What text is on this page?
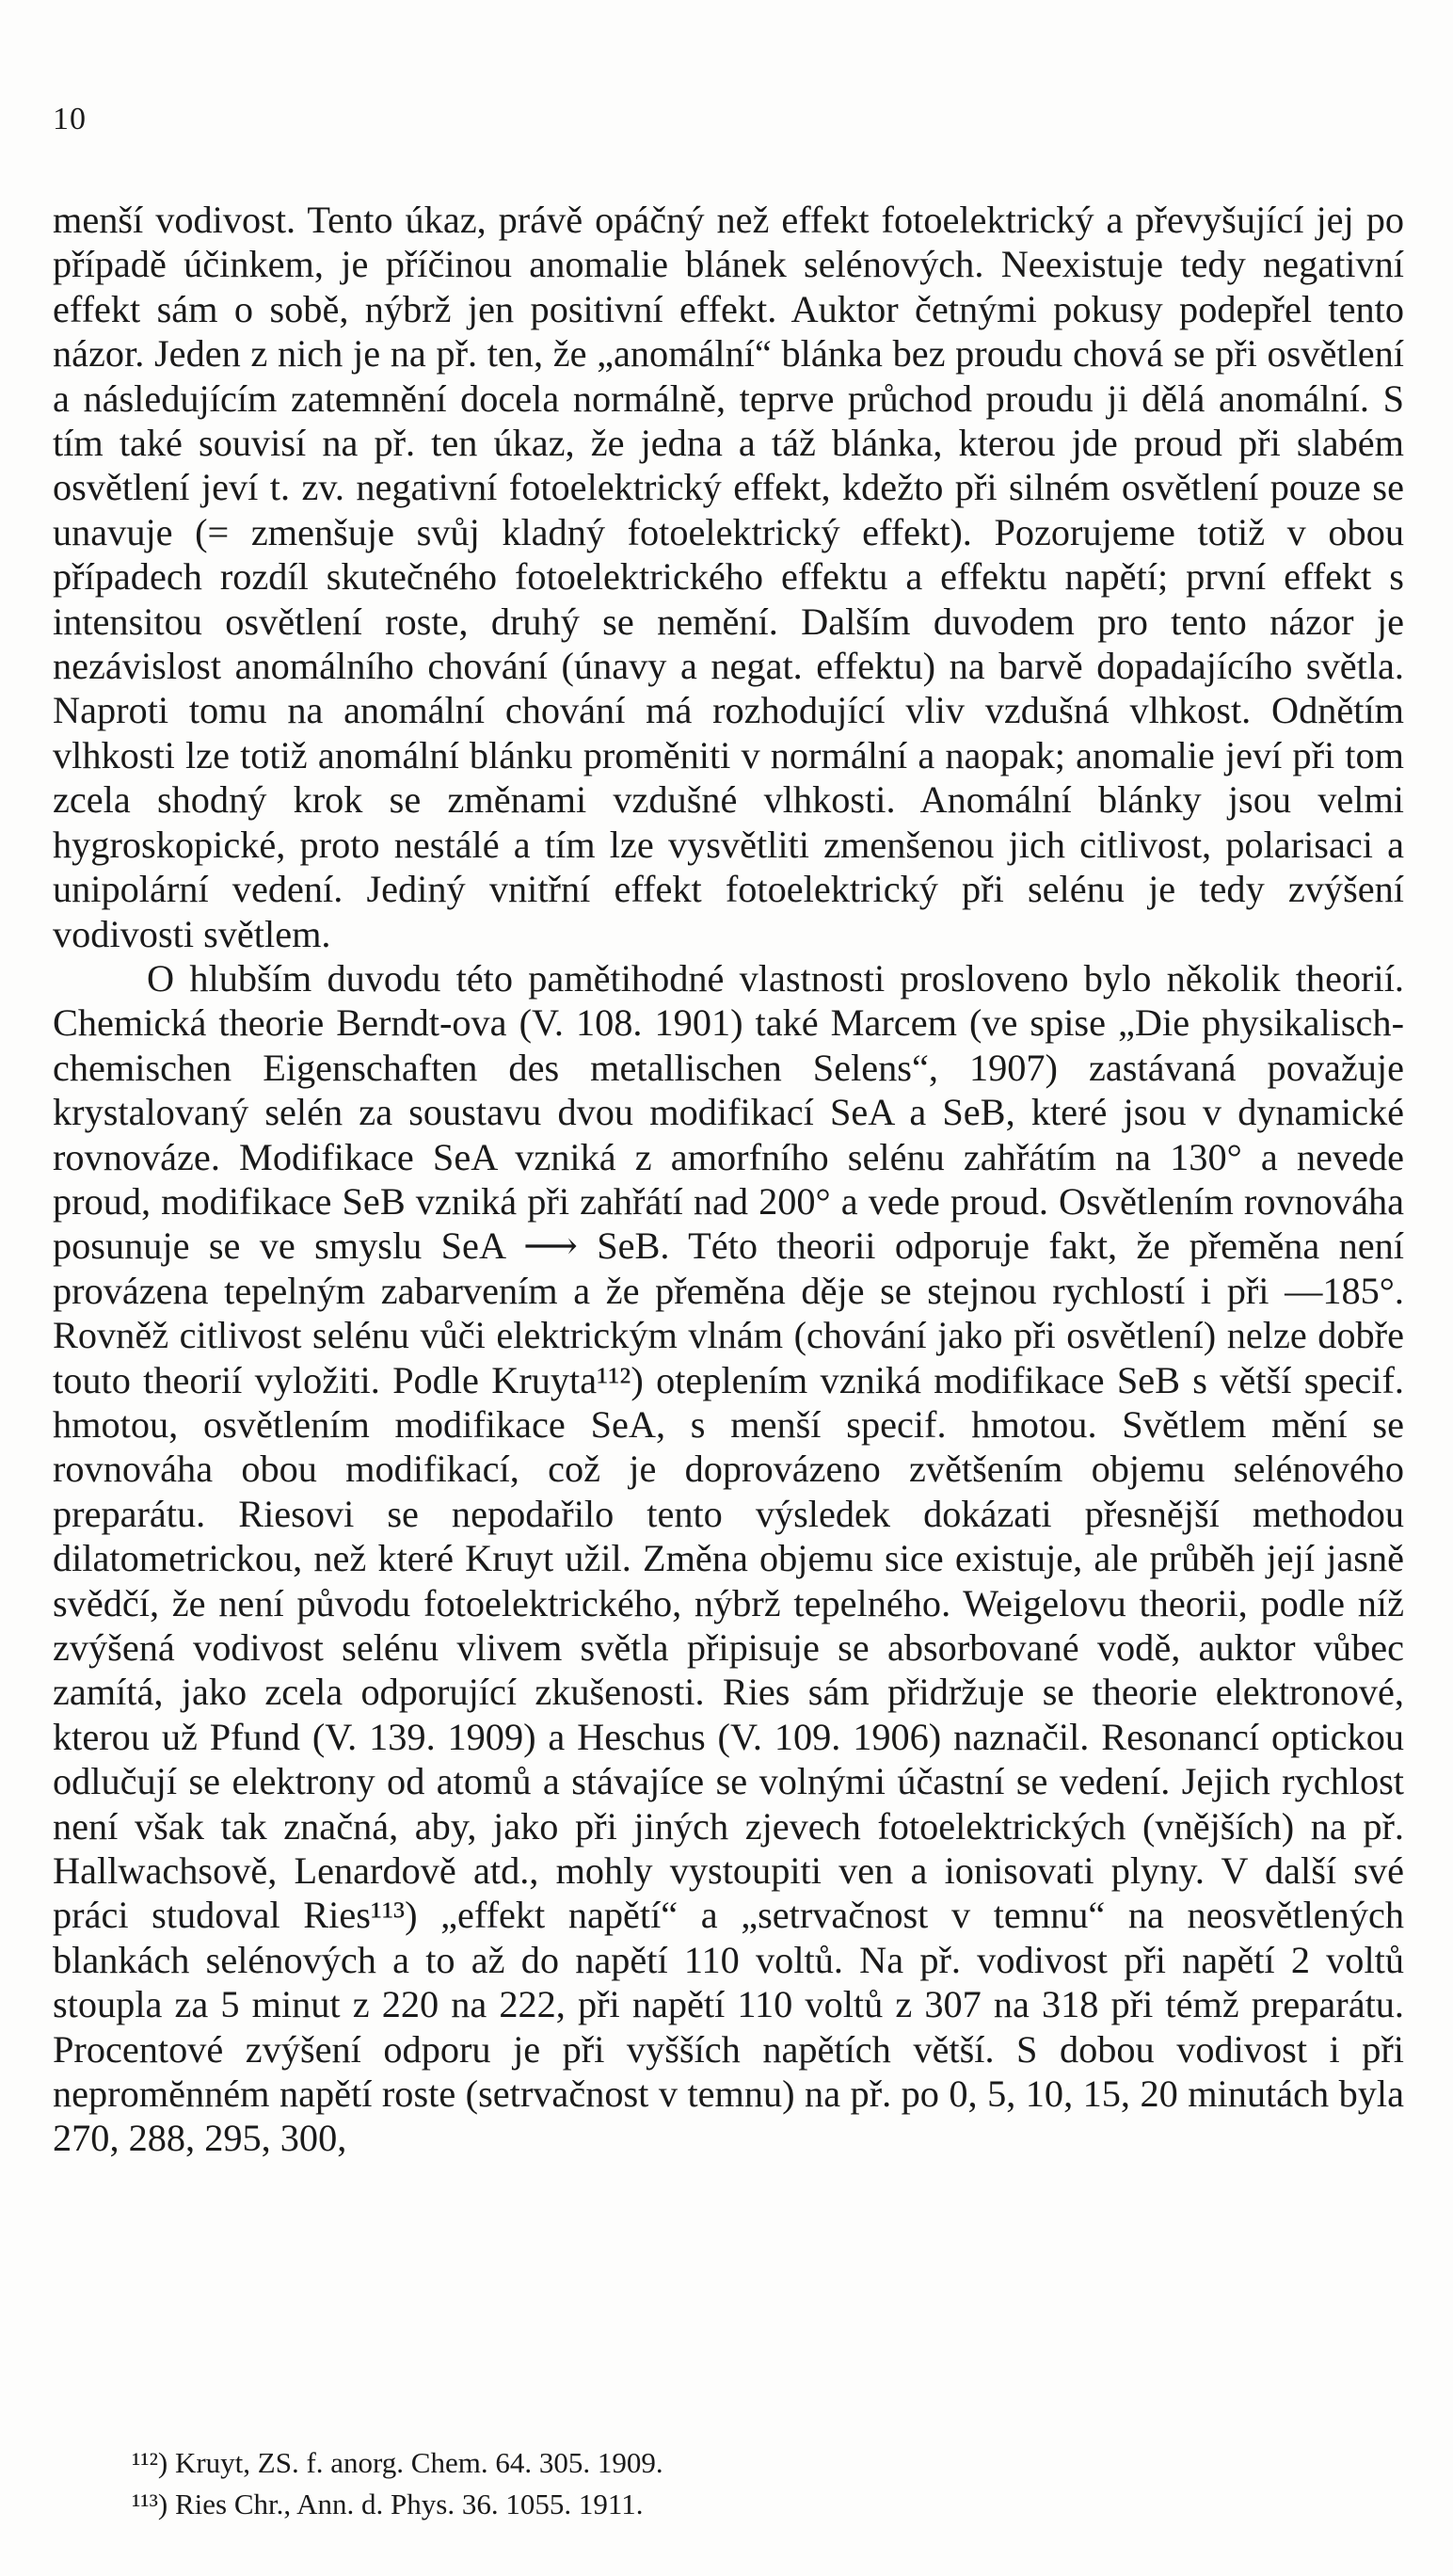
10

menší vodivost. Tento úkaz, právě opáčný než effekt fotoelektrický a převyšující jej po případě účinkem, je příčinou anomalie blánek selénových. Neexistuje tedy negativní effekt sám o sobě, nýbrž jen positivní effekt. Auktor četnými pokusy podepřel tento názor. Jeden z nich je na př. ten, že „anomální“ blánka bez proudu chová se při osvětlení a následujícím zatemnění docela normálně, teprve průchod proudu ji dělá anomální. S tím také souvisí na př. ten úkaz, že jedna a táž blánka, kterou jde proud při slabém osvětlení jeví t. zv. negativní fotoelektrický effekt, kdežto při silném osvětlení pouze se unavuje (= zmenšuje svůj kladný fotoelektrický effekt). Pozorujeme totiž v obou případech rozdíl skutečného fotoelektrického effektu a effektu napětí; první effekt s intensitou osvětlení roste, druhý se nemění. Dalším duvodem pro tento názor je nezávislost anomálního chování (únavy a negat. effektu) na barvě dopadajícího světla. Naproti tomu na anomální chování má rozhodující vliv vzdušná vlhkost. Odnětím vlhkosti lze totiž anomální blánku proměniti v normální a naopak; anomalie jeví při tom zcela shodný krok se změnami vzdušné vlhkosti. Anomální blánky jsou velmi hygroskopické, proto nestálé a tím lze vysvětliti zmenšenou jich citlivost, polarisaci a unipolární vedení. Jediný vnitřní effekt fotoelektrický při selénu je tedy zvýšení vodivosti světlem.

O hlubším duvodu této pamětihodné vlastnosti prosloveno bylo několik theorií. Chemická theorie Berndt-ova (V. 108. 1901) také Marcem (ve spise „Die physikalisch-chemischen Eigenschaften des metallischen Selens“, 1907) zastávaná považuje krystalovaný selén za soustavu dvou modifikací SeA a SeB, které jsou v dynamické rovnováze. Modifikace SeA vzniká z amorfního selénu zahřátím na 130° a nevede proud, modifikace SeB vzniká při zahřátí nad 200° a vede proud. Osvětlením rovnováha posunuje se ve smyslu SeA ⟶ SeB. Této theorii odporuje fakt, že přeměna není provázena tepelným zabarvením a že přeměna děje se stejnou rychlostí i při —185°. Rovněž citlivost selénu vůči elektrickým vlnám (chování jako při osvětlení) nelze dobře touto theorií vyložiti. Podle Kruyta¹¹²) oteplením vzniká modifikace SeB s větší specif. hmotou, osvětlením modifikace SeA, s menší specif. hmotou. Světlem mění se rovnováha obou modifikací, což je doprovázeno zvětšením objemu selénového preparátu. Riesovi se nepodařilo tento výsledek dokázati přesnější methodou dilatometrickou, než které Kruyt užil. Změna objemu sice existuje, ale průběh její jasně svědčí, že není původu fotoelektrického, nýbrž tepelného. Weigelovu theorii, podle níž zvýšená vodivost selénu vlivem světla připisuje se absorbované vodě, auktor vůbec zamítá, jako zcela odporující zkušenosti. Ries sám přidržuje se theorie elektronové, kterou už Pfund (V. 139. 1909) a Heschus (V. 109. 1906) naznačil. Resonancí optickou odlučují se elektrony od atomů a stávajíce se volnými účastní se vedení. Jejich rychlost není však tak značná, aby, jako při jiných zjevech fotoelektrických (vnějších) na př. Hallwachsově, Lenardově atd., mohly vystoupiti ven a ionisovati plyny. V další své práci studoval Ries¹¹³) „effekt napětí“ a „setrvačnost v temnu“ na neosvětlených blankách selénových a to až do napětí 110 voltů. Na př. vodivost při napětí 2 voltů stoupla za 5 minut z 220 na 222, při napětí 110 voltů z 307 na 318 při témž preparátu. Procentové zvýšení odporu je při vyšších napětích větší. S dobou vodivost i při nepromĕnném napětí roste (setrvačnost v temnu) na př. po 0, 5, 10, 15, 20 minutách byla 270, 288, 295, 300,

¹¹²) Kruyt, ZS. f. anorg. Chem. 64. 305. 1909.

¹¹³) Ries Chr., Ann. d. Phys. 36. 1055. 1911.
